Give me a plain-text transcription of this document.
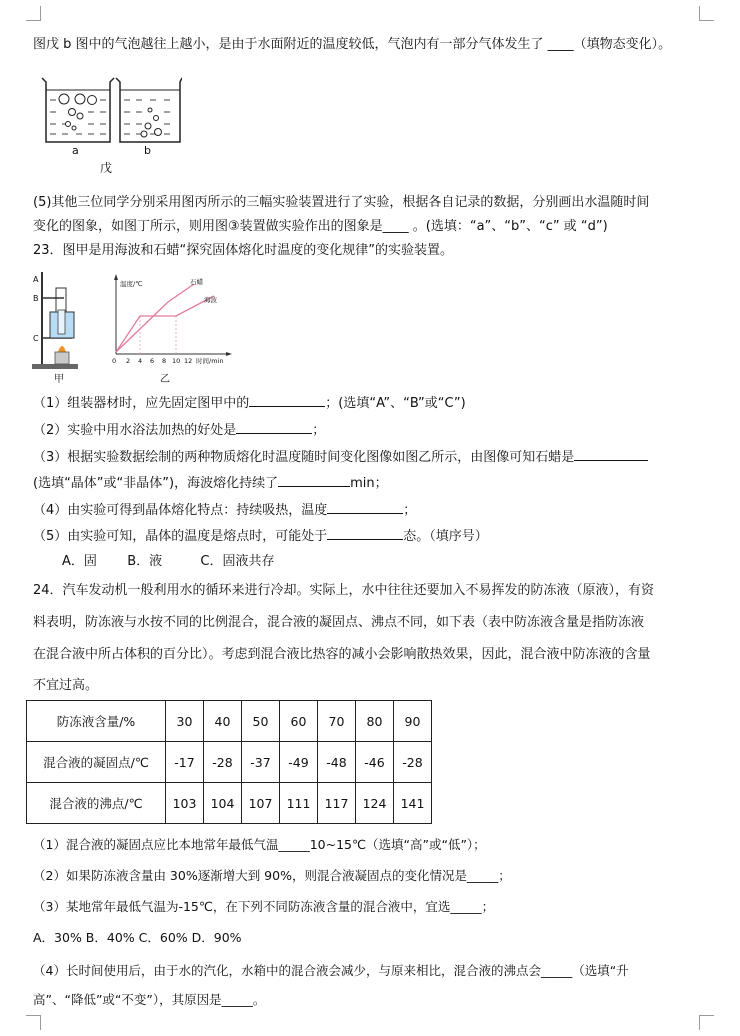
图戊 b 图中的气泡越往上越小，是由于水面附近的温度较低，气泡内有一部分气体发生了 ____（填物态变化）。
a	b
戊
(5)其他三位同学分别采用图丙所示的三幅实验装置进行了实验，根据各自记录的数据，分别画出水温随时间
变化的图象，如图丁所示，则用图③装置做实验作出的图象是____ 。(选填：“a”、“b”、“c” 或 “d”)
23．图甲是用海波和石蜡“探究固体熔化时温度的变化规律”的实验装置。
A
B
C
甲
温度/℃	石蜡
海波
0 2 4 6 8 10 12 时间/min
乙
（1）组装器材时，应先固定图甲中的	；(选填“A”、“B”或“C”)
（2）实验中用水浴法加热的好处是	；
（3）根据实验数据绘制的两种物质熔化时温度随时间变化图像如图乙所示，由图像可知石蜡是
(选填“晶体”或“非晶体”)，海波熔化持续了	min；
（4）由实验可得到晶体熔化特点：持续吸热，温度	；
（5）由实验可知，晶体的温度是熔点时，可能处于	态。（填序号）
A．固 B．液	C．固液共存
24．汽车发动机一般利用水的循环来进行冷却。实际上，水中往往还要加入不易挥发的防冻液（原液），有资
料表明，防冻液与水按不同的比例混合，混合液的凝固点、沸点不同，如下表（表中防冻液含量是指防冻液
在混合液中所占体积的百分比）。考虑到混合液比热容的减小会影响散热效果，因此，混合液中防冻液的含量
不宜过高。
防冻液含量/%	30	40	50	60	70	80	90
混合液的凝固点/℃	-17	-28	-37	-49	-48	-46	-28
混合液的沸点/℃	103	104	107	111	117	124	141
（1）混合液的凝固点应比本地常年最低气温_____10~15℃（选填“高”或“低”）；
（2）如果防冻液含量由 30%逐渐增大到 90%，则混合液凝固点的变化情况是_____；
（3）某地常年最低气温为-15℃，在下列不同防冻液含量的混合液中，宜选_____；
A．30% B．40% C．60% D．90%
（4）长时间使用后，由于水的汽化，水箱中的混合液会减少，与原来相比，混合液的沸点会_____（选填“升
高”、“降低”或“不变”），其原因是_____。
